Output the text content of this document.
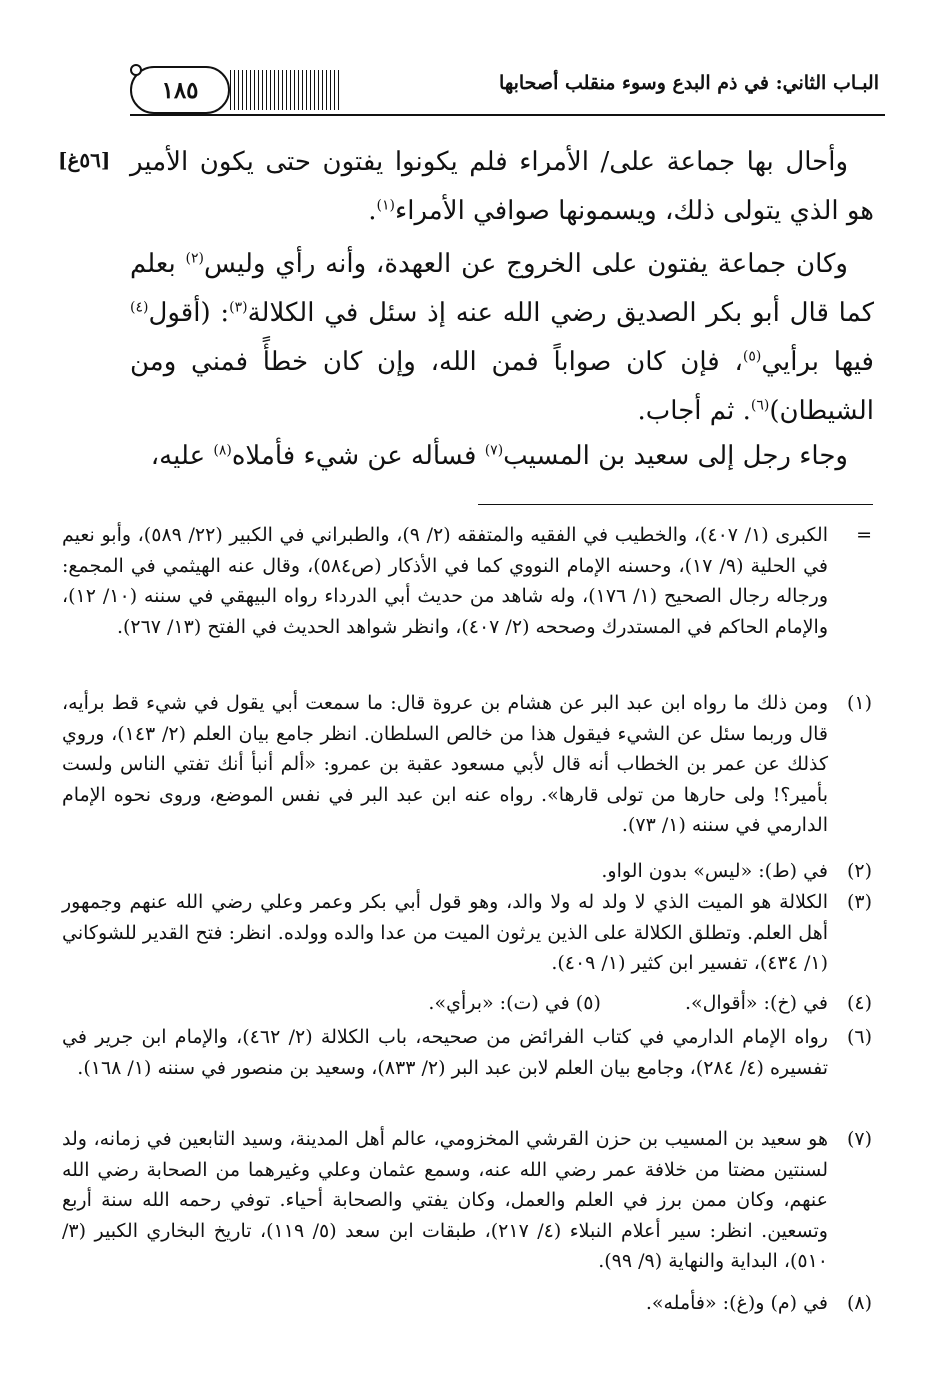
البـاب الثاني: في ذم البدع وسوء منقلب أصحابها
١٨٥
[٥٦غ] وأحال بها جماعة على/ الأمراء فلم يكونوا يفتون حتى يكون الأمير هو الذي يتولى ذلك، ويسمونها صوافي الأمراء$^{(١)}$.

وكان جماعة يفتون على الخروج عن العهدة، وأنه رأي وليس$^{(٢)}$ بعلم كما قال أبو بكر الصديق رضي الله عنه إذ سئل في الكلالة$^{(٣)}$: (أقول$^{(٤)}$ فيها برأيي$^{(٥)}$، فإن كان صواباً فمن الله، وإن كان خطأً فمني ومن الشيطان)$^{(٦)}$. ثم أجاب.

وجاء رجل إلى سعيد بن المسيب$^{(٧)}$ فسأله عن شيء فأملاه$^{(٨)}$ عليه،

=
الكبرى (١/ ٤٠٧)، والخطيب في الفقيه والمتفقه (٢/ ٩)، والطبراني في الكبير (٢٢/ ٥٨٩)، وأبو نعيم في الحلية (٩/ ١٧)، وحسنه الإمام النووي كما في الأذكار (ص٥٨٤)، وقال عنه الهيثمي في المجمع: ورجاله رجال الصحيح (١/ ١٧٦)، وله شاهد من حديث أبي الدرداء رواه البيهقي في سننه (١٠/ ١٢)، والإمام الحاكم في المستدرك وصححه (٢/ ٤٠٧)، وانظر شواهد الحديث في الفتح (١٣/ ٢٦٧).
(١)
ومن ذلك ما رواه ابن عبد البر عن هشام بن عروة قال: ما سمعت أبي يقول في شيء قط برأيه، قال وربما سئل عن الشيء فيقول هذا من خالص السلطان. انظر جامع بيان العلم (٢/ ١٤٣)، وروي كذلك عن عمر بن الخطاب أنه قال لأبي مسعود عقبة بن عمرو: «ألم أنبأ أنك تفتي الناس ولست بأمير؟! ولى حارها من تولى قارها». رواه عنه ابن عبد البر في نفس الموضع، وروى نحوه الإمام الدارمي في سننه (١/ ٧٣).
(٢)
في (ط): «ليس» بدون الواو.
(٣)
الكلالة هو الميت الذي لا ولد له ولا والد، وهو قول أبي بكر وعمر وعلي رضي الله عنهم وجمهور أهل العلم. وتطلق الكلالة على الذين يرثون الميت من عدا والده وولده. انظر: فتح القدير للشوكاني (١/ ٤٣٤)، تفسير ابن كثير (١/ ٤٠٩).
(٤)
في (خ): «أقوال».  (٥) في (ت): «برأي».
(٦)
رواه الإمام الدارمي في كتاب الفرائض من صحيحه، باب الكلالة (٢/ ٤٦٢)، والإمام ابن جرير في تفسيره (٤/ ٢٨٤)، وجامع بيان العلم لابن عبد البر (٢/ ٨٣٣)، وسعيد بن منصور في سننه (١/ ١٦٨).
(٧)
هو سعيد بن المسيب بن حزن القرشي المخزومي، عالم أهل المدينة، وسيد التابعين في زمانه، ولد لسنتين مضتا من خلافة عمر رضي الله عنه، وسمع عثمان وعلي وغيرهما من الصحابة رضي الله عنهم، وكان ممن برز في العلم والعمل، وكان يفتي والصحابة أحياء. توفي رحمه الله سنة أربع وتسعين. انظر: سير أعلام النبلاء (٤/ ٢١٧)، طبقات ابن سعد (٥/ ١١٩)، تاريخ البخاري الكبير (٣/ ٥١٠)، البداية والنهاية (٩/ ٩٩).
(٨)
في (م) و(غ): «فأمله».
